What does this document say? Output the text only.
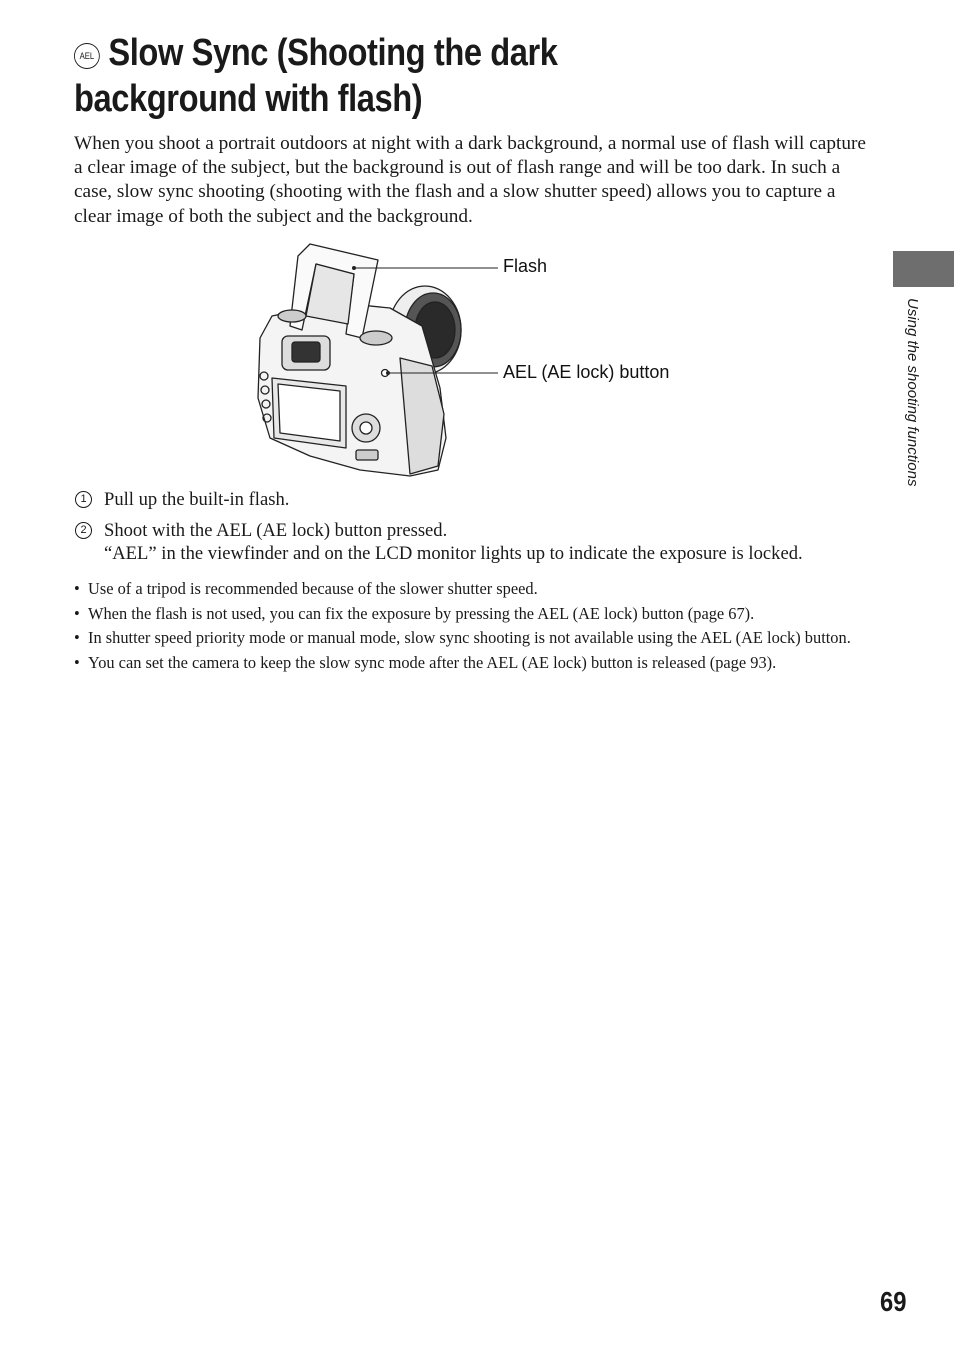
AEL Slow Sync (Shooting the dark background with flash)

When you shoot a portrait outdoors at night with a dark background, a normal use of flash will capture a clear image of the subject, but the background is out of flash range and will be too dark. In such a case, slow sync shooting (shooting with the flash and a slow shutter speed) allows you to capture a clear image of both the subject and the background.

Flash
AEL (AE lock) button
1 Pull up the built-in flash.
2 Shoot with the AEL (AE lock) button pressed.
“AEL” in the viewfinder and on the LCD monitor lights up to indicate the exposure is locked.
• Use of a tripod is recommended because of the slower shutter speed.
• When the flash is not used, you can fix the exposure by pressing the AEL (AE lock) button (page 67).
• In shutter speed priority mode or manual mode, slow sync shooting is not available using the AEL (AE lock) button.
• You can set the camera to keep the slow sync mode after the AEL (AE lock) button is released (page 93).
Using the shooting functions
69
